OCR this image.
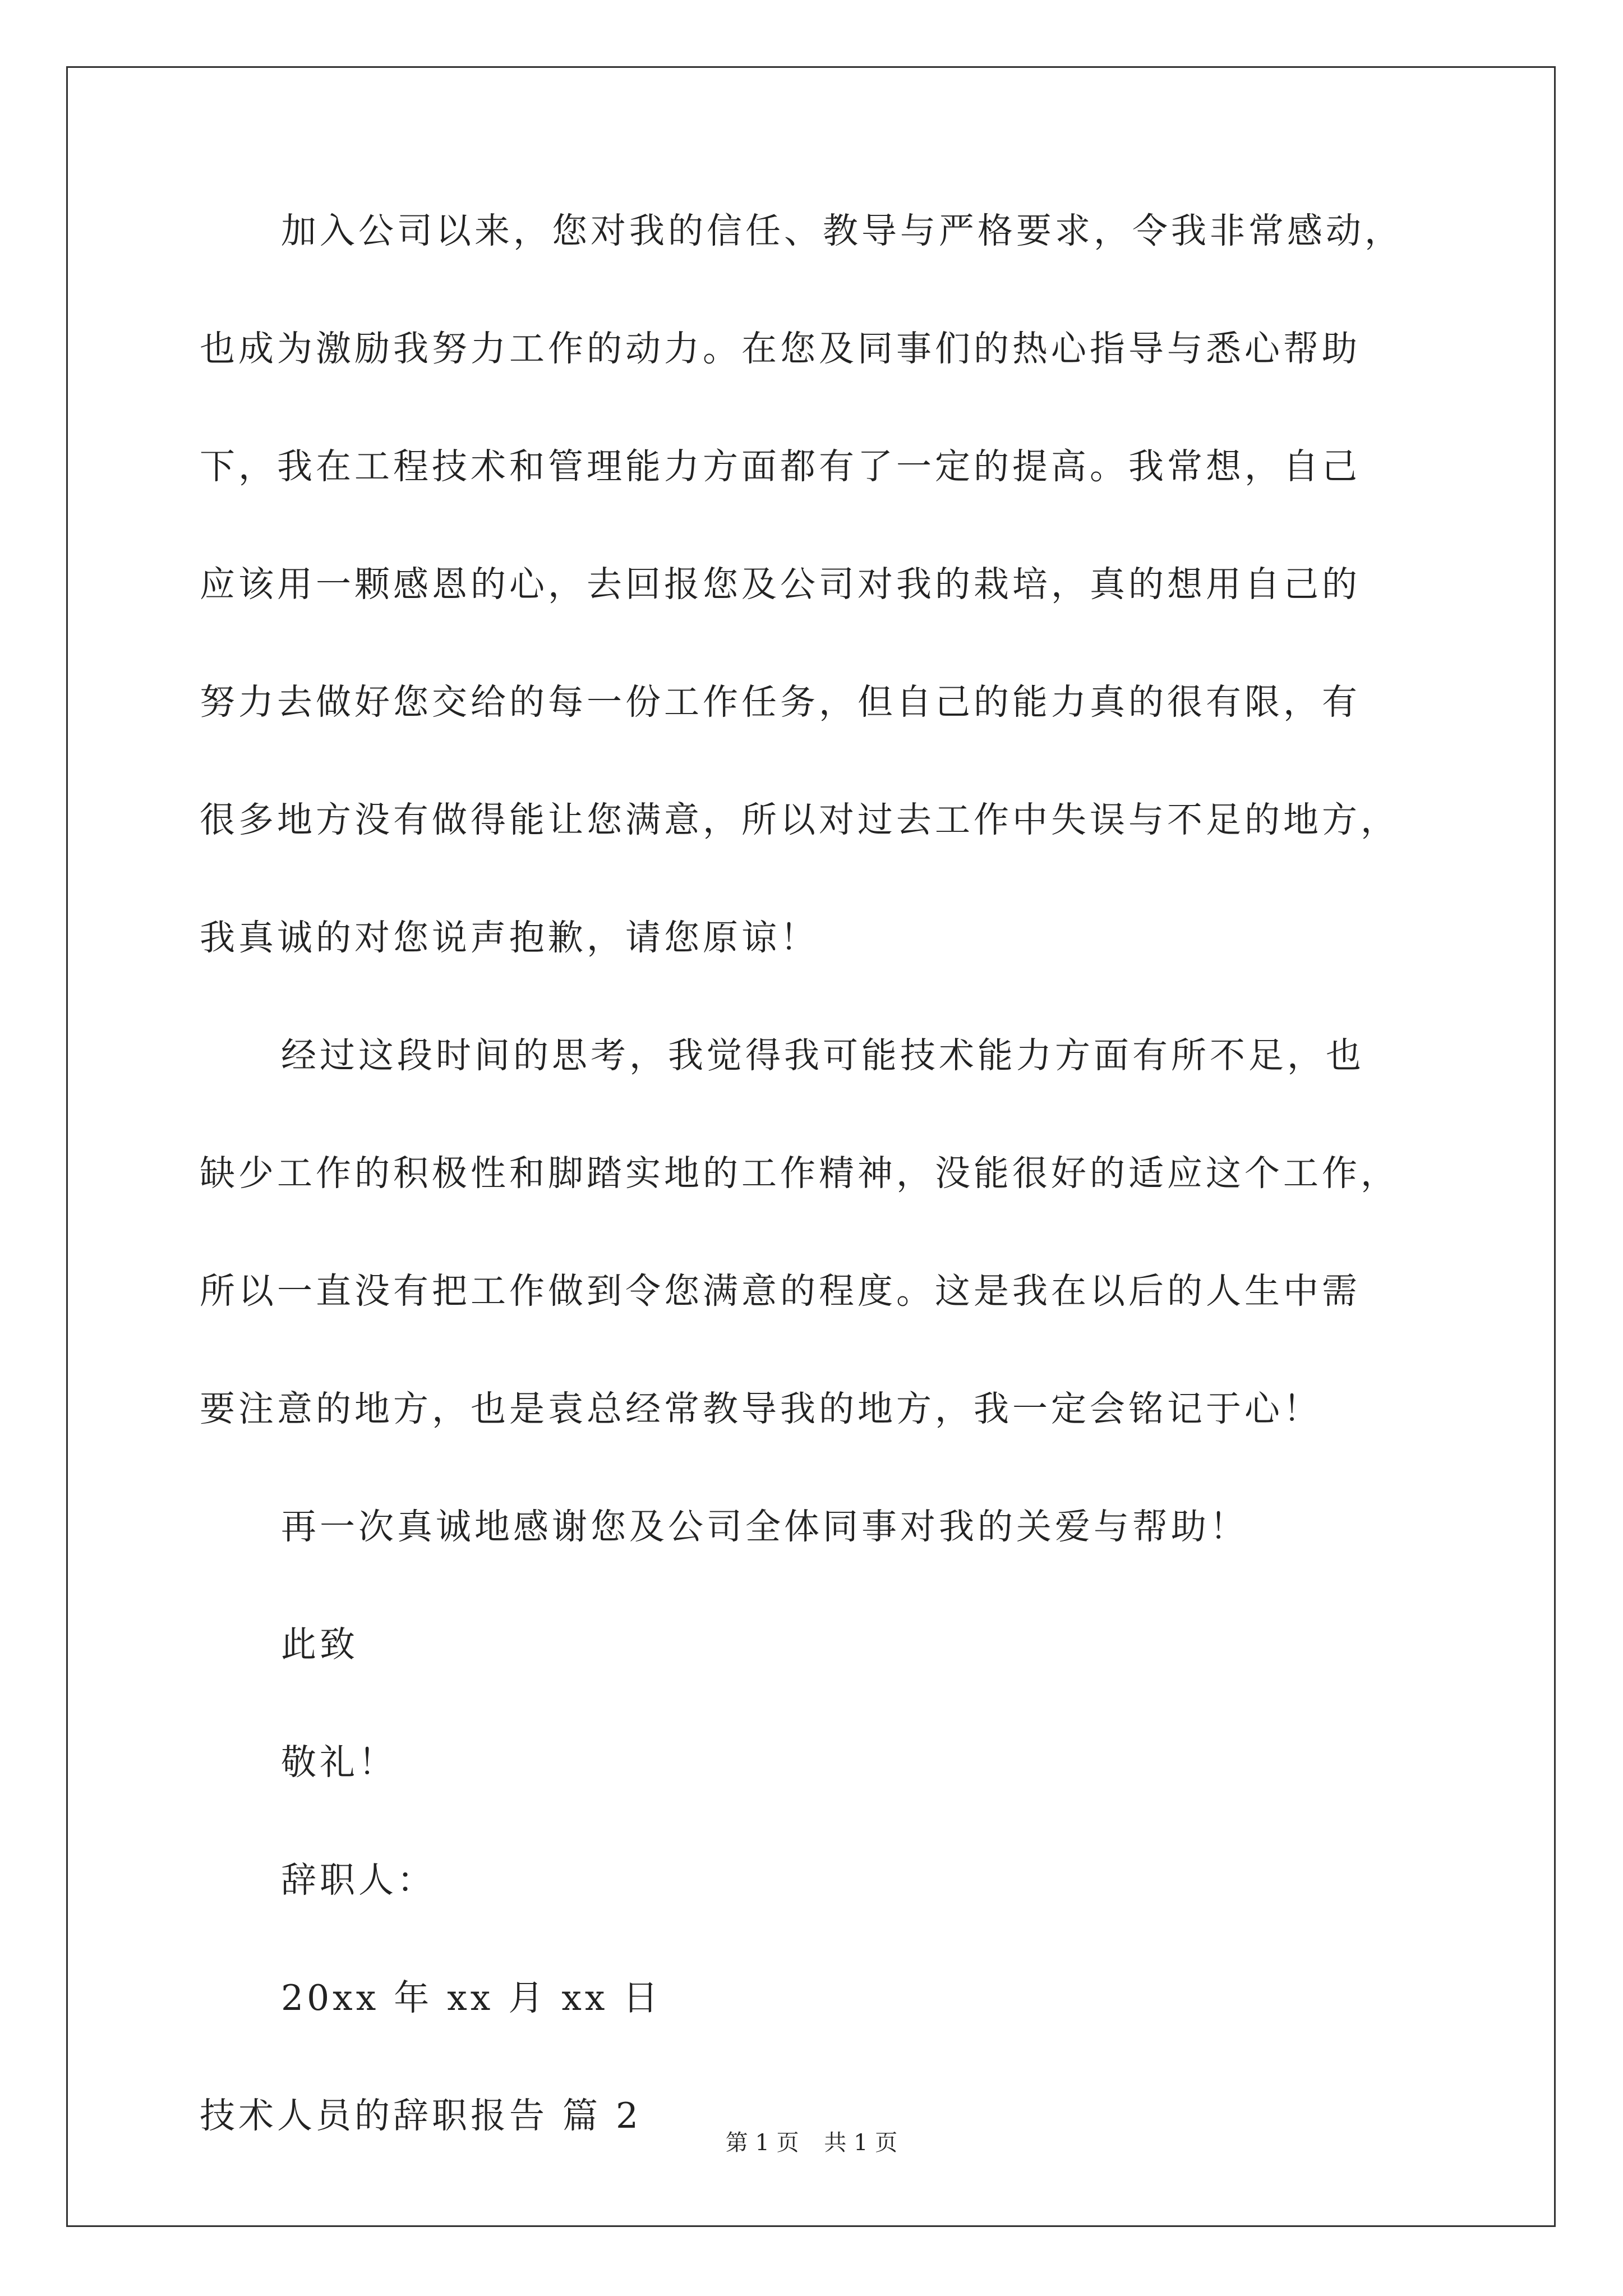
加入公司以来，您对我的信任、教导与严格要求，令我非常感动，
也成为激励我努力工作的动力。在您及同事们的热心指导与悉心帮助
下，我在工程技术和管理能力方面都有了一定的提高。我常想，自己
应该用一颗感恩的心，去回报您及公司对我的栽培，真的想用自己的
努力去做好您交给的每一份工作任务，但自己的能力真的很有限，有
很多地方没有做得能让您满意，所以对过去工作中失误与不足的地方，
我真诚的对您说声抱歉，请您原谅！
经过这段时间的思考，我觉得我可能技术能力方面有所不足，也
缺少工作的积极性和脚踏实地的工作精神，没能很好的适应这个工作，
所以一直没有把工作做到令您满意的程度。这是我在以后的人生中需
要注意的地方，也是袁总经常教导我的地方，我一定会铭记于心！
再一次真诚地感谢您及公司全体同事对我的关爱与帮助！
此致
敬礼！
辞职人：
20xx 年 xx 月 xx 日
技术人员的辞职报告 篇 2
第 1 页 共 1 页
